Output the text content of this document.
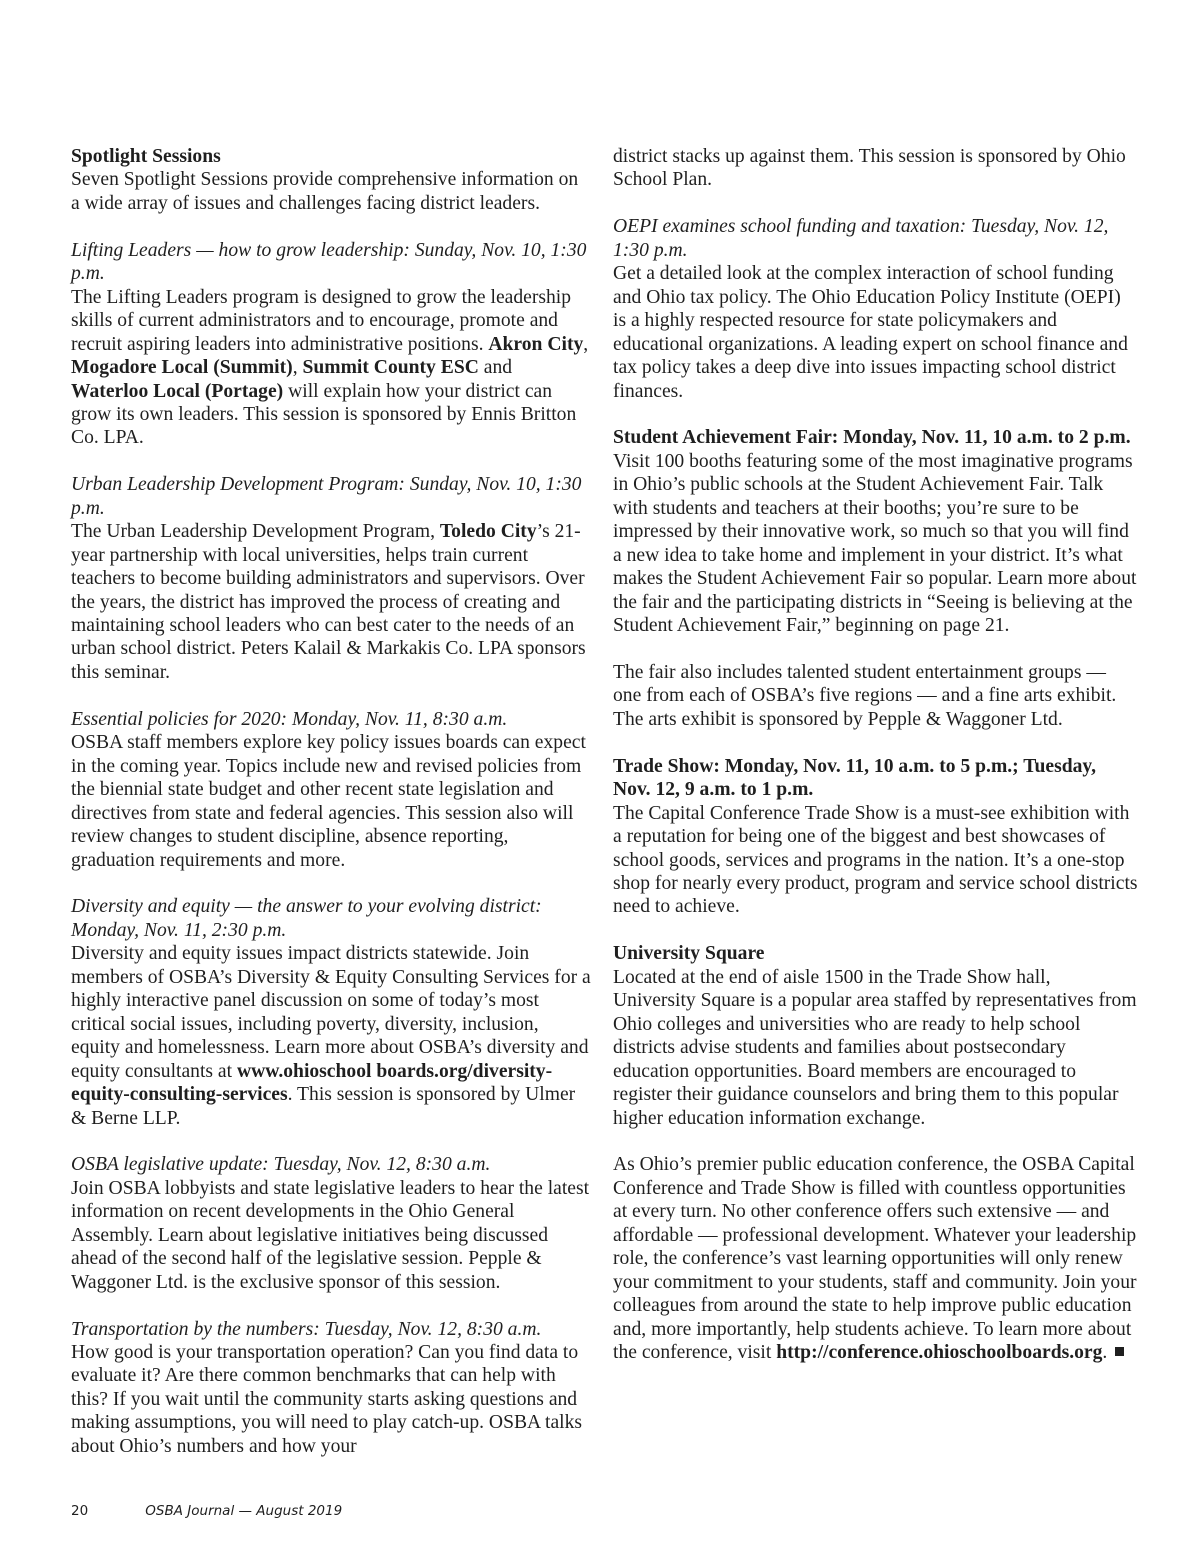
Spotlight Sessions

Seven Spotlight Sessions provide comprehensive information on a wide array of issues and challenges facing district leaders.

Lifting Leaders — how to grow leadership: Sunday, Nov. 10, 1:30 p.m.

The Lifting Leaders program is designed to grow the leadership skills of current administrators and to encourage, promote and recruit aspiring leaders into administrative positions. Akron City, Mogadore Local (Summit), Summit County ESC and Waterloo Local (Portage) will explain how your district can grow its own leaders. This session is sponsored by Ennis Britton Co. LPA.

Urban Leadership Development Program: Sunday, Nov. 10, 1:30 p.m.

The Urban Leadership Development Program, Toledo City’s 21-year partnership with local universities, helps train current teachers to become building administrators and supervisors. Over the years, the district has improved the process of creating and maintaining school leaders who can best cater to the needs of an urban school district. Peters Kalail & Markakis Co. LPA sponsors this seminar.

Essential policies for 2020: Monday, Nov. 11, 8:30 a.m.

OSBA staff members explore key policy issues boards can expect in the coming year. Topics include new and revised policies from the biennial state budget and other recent state legislation and directives from state and federal agencies. This session also will review changes to student discipline, absence reporting, graduation requirements and more.

Diversity and equity — the answer to your evolving district: Monday, Nov. 11, 2:30 p.m.

Diversity and equity issues impact districts statewide. Join members of OSBA’s Diversity & Equity Consulting Services for a highly interactive panel discussion on some of today’s most critical social issues, including poverty, diversity, inclusion, equity and homelessness. Learn more about OSBA’s diversity and equity consultants at www.ohioschool boards.org/diversity-equity-consulting-services. This session is sponsored by Ulmer & Berne LLP.

OSBA legislative update: Tuesday, Nov. 12, 8:30 a.m.

Join OSBA lobbyists and state legislative leaders to hear the latest information on recent developments in the Ohio General Assembly. Learn about legislative initiatives being discussed ahead of the second half of the legislative session. Pepple & Waggoner Ltd. is the exclusive sponsor of this session.

Transportation by the numbers: Tuesday, Nov. 12, 8:30 a.m.

How good is your transportation operation? Can you find data to evaluate it? Are there common benchmarks that can help with this? If you wait until the community starts asking questions and making assumptions, you will need to play catch-up. OSBA talks about Ohio’s numbers and how your

district stacks up against them. This session is sponsored by Ohio School Plan.

OEPI examines school funding and taxation: Tuesday, Nov. 12, 1:30 p.m.

Get a detailed look at the complex interaction of school funding and Ohio tax policy. The Ohio Education Policy Institute (OEPI) is a highly respected resource for state policymakers and educational organizations. A leading expert on school finance and tax policy takes a deep dive into issues impacting school district finances.

Student Achievement Fair: Monday, Nov. 11, 10 a.m. to 2 p.m.

Visit 100 booths featuring some of the most imaginative programs in Ohio’s public schools at the Student Achievement Fair. Talk with students and teachers at their booths; you’re sure to be impressed by their innovative work, so much so that you will find a new idea to take home and implement in your district. It’s what makes the Student Achievement Fair so popular. Learn more about the fair and the participating districts in “Seeing is believing at the Student Achievement Fair,” beginning on page 21.

The fair also includes talented student entertainment groups — one from each of OSBA’s five regions — and a fine arts exhibit. The arts exhibit is sponsored by Pepple & Waggoner Ltd.

Trade Show: Monday, Nov. 11, 10 a.m. to 5 p.m.; Tuesday, Nov. 12, 9 a.m. to 1 p.m.

The Capital Conference Trade Show is a must-see exhibition with a reputation for being one of the biggest and best showcases of school goods, services and programs in the nation. It’s a one-stop shop for nearly every product, program and service school districts need to achieve.

University Square

Located at the end of aisle 1500 in the Trade Show hall, University Square is a popular area staffed by representatives from Ohio colleges and universities who are ready to help school districts advise students and families about postsecondary education opportunities. Board members are encouraged to register their guidance counselors and bring them to this popular higher education information exchange.

As Ohio’s premier public education conference, the OSBA Capital Conference and Trade Show is filled with countless opportunities at every turn. No other conference offers such extensive — and affordable — professional development. Whatever your leadership role, the conference’s vast learning opportunities will only renew your commitment to your students, staff and community. Join your colleagues from around the state to help improve public education and, more importantly, help students achieve. To learn more about the conference, visit http://conference.ohioschoolboards.org.

20	OSBA Journal — August 2019
